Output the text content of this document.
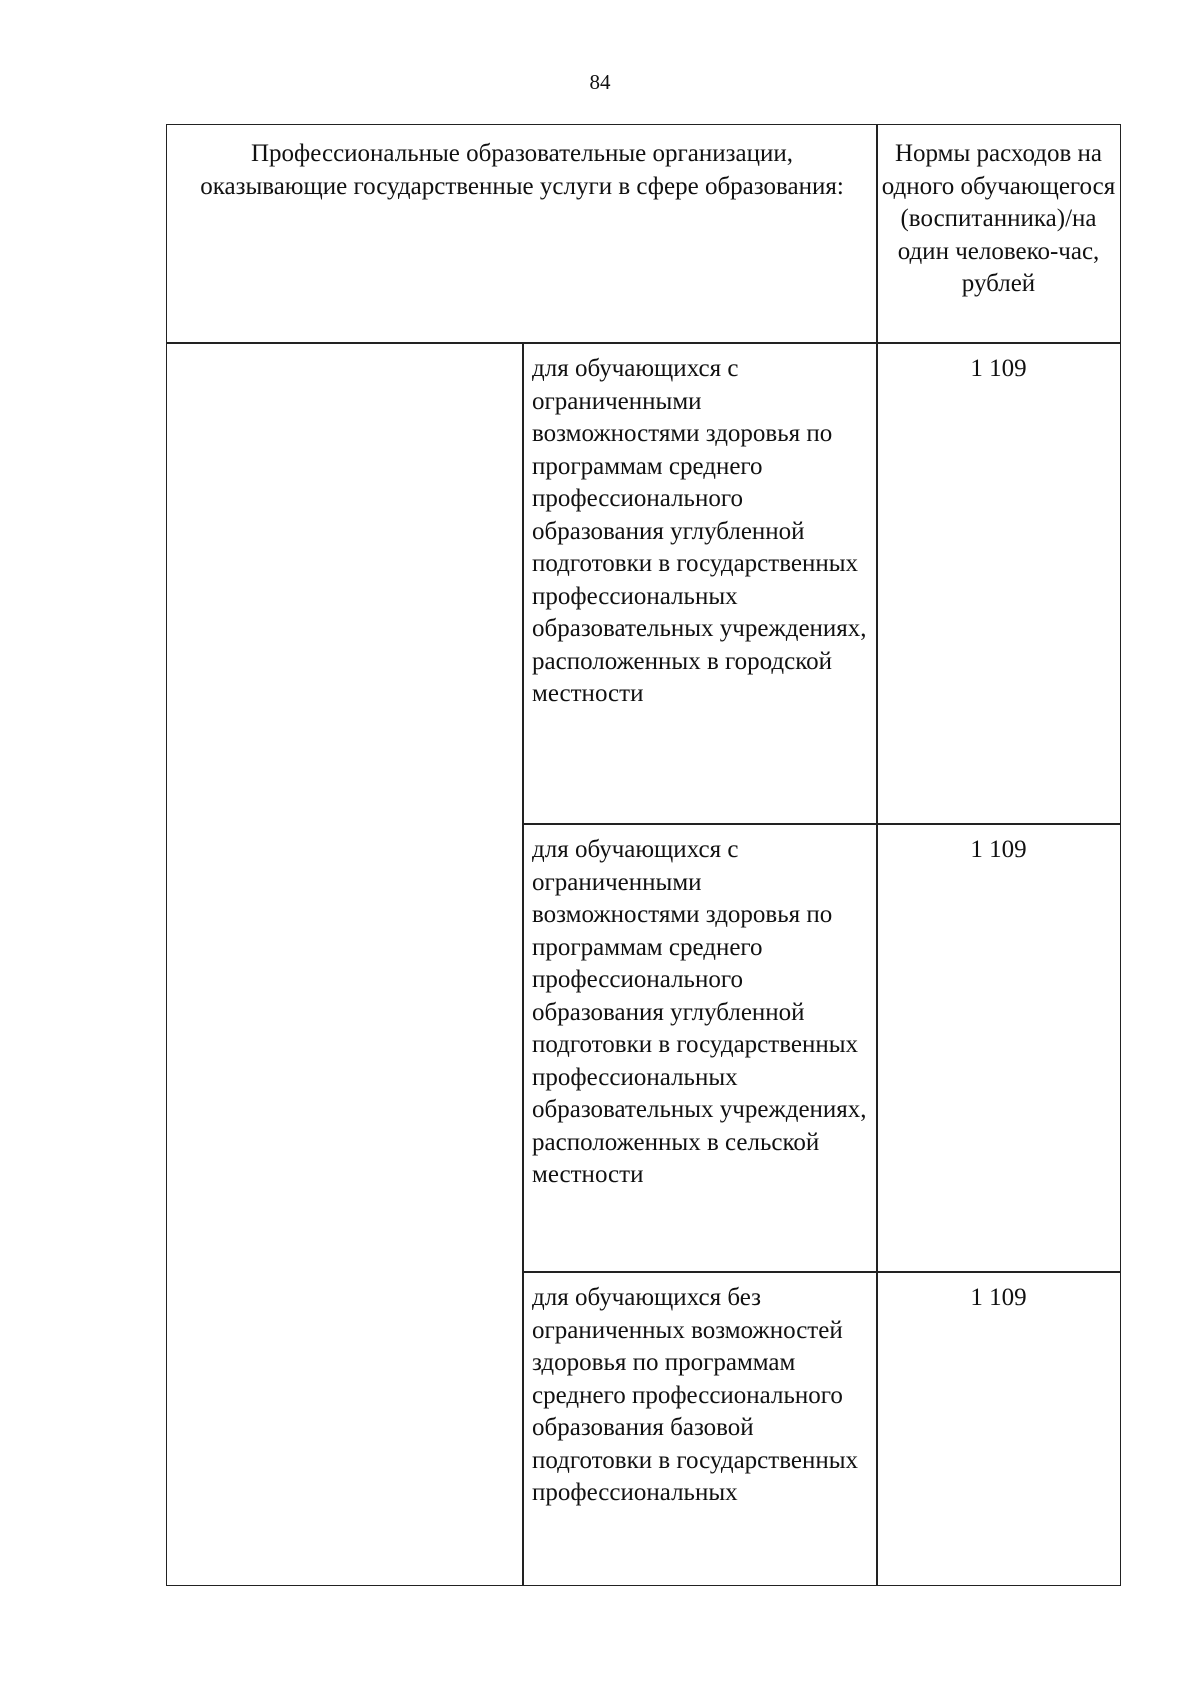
84
Профессиональные образовательные организации, оказывающие государственные услуги в сфере образования:
Нормы расходов на одного обучающегося (воспитанника)/на один человеко-час, рублей
для обучающихся с ограниченными возможностями здоровья по программам среднего профессионального образования углубленной подготовки в государственных профессиональных образовательных учреждениях, расположенных в городской местности
1 109
для обучающихся с ограниченными возможностями здоровья по программам среднего профессионального образования углубленной подготовки в государственных профессиональных образовательных учреждениях, расположенных в сельской местности
1 109
для обучающихся без ограниченных возможностей здоровья по программам среднего профессионального образования базовой подготовки в государственных профессиональных
1 109
